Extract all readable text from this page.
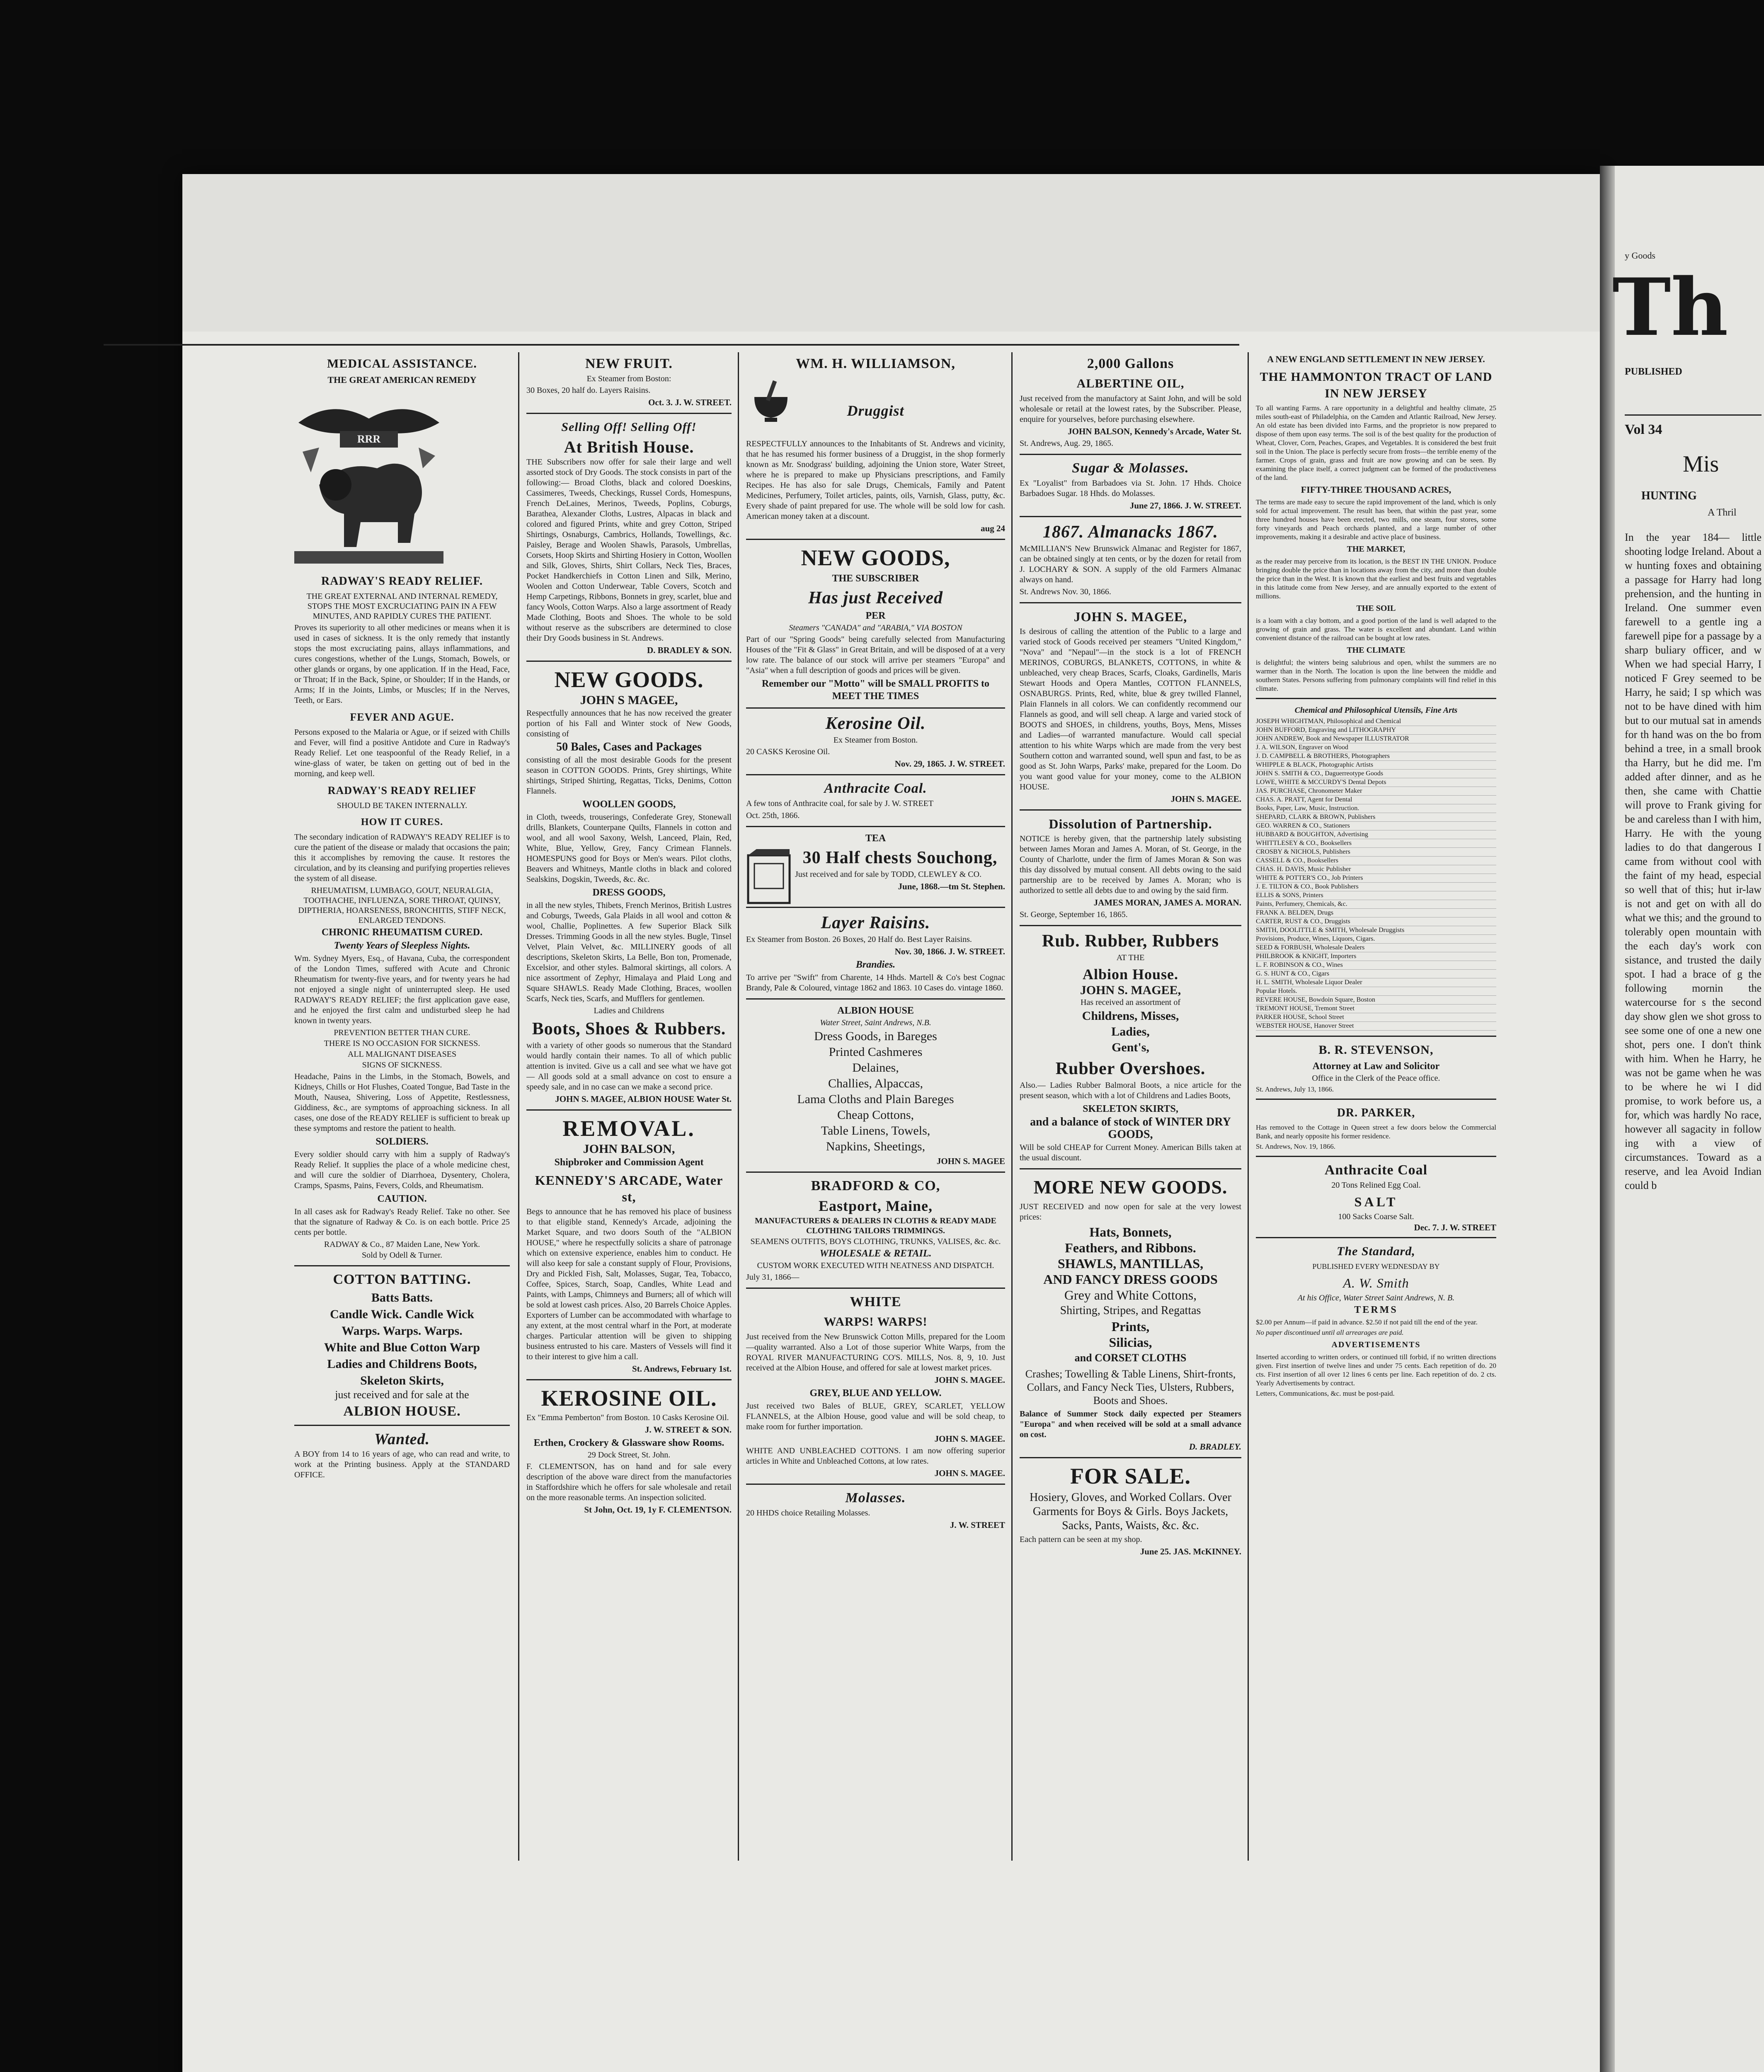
Th
y Goods
PUBLISHED
Vol 34
Mis
HUNTING
A Thril
In the year 184— little shooting lodge Ireland. About a w hunting foxes and obtaining a passage for Harry had long prehension, and the hunting in Ireland. One summer even farewell to a gentle ing a farewell pipe for a passage by a sharp buliary officer, and w When we had special Harry, I noticed F Grey seemed to be Harry, he said; I sp which was not to be have dined with him but to our mutual sat in amends for th hand was on the bo from behind a tree, in a small brook tha Harry, but he did me. I'm added after dinner, and as he then, she came with Chattie will prove to Frank giving for be and careless than I with him, Harry. He with the young ladies to do that dangerous I came from without cool with the faint of my head, especial so well that of this; hut ir-law is not and get on with all do what we this; and the ground to tolerably open mountain with the each day's work con sistance, and trusted the daily spot. I had a brace of g the following mornin the watercourse for s the second day show glen we shot gross to see some one of one a new one shot, pers one. I don't think with him. When he Harry, he was not be game when he was to be where he wi I did promise, to work before us, a for, which was hardly No race, however all sagacity in follow ing with a view of circumstances. Toward as a reserve, and lea Avoid Indian could b
MEDICAL ASSISTANCE.
THE GREAT AMERICAN REMEDY
RRR
RADWAY'S READY RELIEF.
THE GREAT EXTERNAL AND INTERNAL REMEDY, STOPS THE MOST EXCRUCIATING PAIN IN A FEW MINUTES, AND RAPIDLY CURES THE PATIENT.
Proves its superiority to all other medicines or means when it is used in cases of sickness. It is the only remedy that instantly stops the most excruciating pains, allays inflammations, and cures congestions, whether of the Lungs, Stomach, Bowels, or other glands or organs, by one application. If in the Head, Face, or Throat; If in the Back, Spine, or Shoulder; If in the Hands, or Arms; If in the Joints, Limbs, or Muscles; If in the Nerves, Teeth, or Ears.
FEVER AND AGUE.
Persons exposed to the Malaria or Ague, or if seized with Chills and Fever, will find a positive Antidote and Cure in Radway's Ready Relief. Let one teaspoonful of the Ready Relief, in a wine-glass of water, be taken on getting out of bed in the morning, and keep well.
RADWAY'S READY RELIEF
SHOULD BE TAKEN INTERNALLY.
HOW IT CURES.
The secondary indication of RADWAY'S READY RELIEF is to cure the patient of the disease or malady that occasions the pain; this it accomplishes by removing the cause. It restores the circulation, and by its cleansing and purifying properties relieves the system of all disease.
RHEUMATISM, LUMBAGO, GOUT, NEURALGIA, TOOTHACHE, INFLUENZA, SORE THROAT, QUINSY, DIPTHERIA, HOARSENESS, BRONCHITIS, STIFF NECK, ENLARGED TENDONS.
CHRONIC RHEUMATISM CURED.
Twenty Years of Sleepless Nights.
Wm. Sydney Myers, Esq., of Havana, Cuba, the correspondent of the London Times, suffered with Acute and Chronic Rheumatism for twenty-five years, and for twenty years he had not enjoyed a single night of uninterrupted sleep. He used RADWAY'S READY RELIEF; the first application gave ease, and he enjoyed the first calm and undisturbed sleep he had known in twenty years.
PREVENTION BETTER THAN CURE.
THERE IS NO OCCASION FOR SICKNESS.
ALL MALIGNANT DISEASES
SIGNS OF SICKNESS.
Headache, Pains in the Limbs, in the Stomach, Bowels, and Kidneys, Chills or Hot Flushes, Coated Tongue, Bad Taste in the Mouth, Nausea, Shivering, Loss of Appetite, Restlessness, Giddiness, &c., are symptoms of approaching sickness. In all cases, one dose of the READY RELIEF is sufficient to break up these symptoms and restore the patient to health.
SOLDIERS.
Every soldier should carry with him a supply of Radway's Ready Relief. It supplies the place of a whole medicine chest, and will cure the soldier of Diarrhoea, Dysentery, Cholera, Cramps, Spasms, Pains, Fevers, Colds, and Rheumatism.
CAUTION.
In all cases ask for Radway's Ready Relief. Take no other. See that the signature of Radway & Co. is on each bottle. Price 25 cents per bottle.
RADWAY & Co., 87 Maiden Lane, New York.
Sold by Odell & Turner.
COTTON BATTING.
Batts Batts.
Candle Wick. Candle Wick
Warps. Warps. Warps.
White and Blue Cotton Warp
Ladies and Childrens Boots,
Skeleton Skirts,
just received and for sale at the
ALBION HOUSE.
Wanted.
A BOY from 14 to 16 years of age, who can read and write, to work at the Printing business. Apply at the STANDARD OFFICE.
NEW FRUIT.
Ex Steamer from Boston:
30 Boxes, 20 half do. Layers Raisins.
Oct. 3. J. W. STREET.
Selling Off! Selling Off!
At British House.
THE Subscribers now offer for sale their large and well assorted stock of Dry Goods. The stock consists in part of the following:— Broad Cloths, black and colored Doeskins, Cassimeres, Tweeds, Checkings, Russel Cords, Homespuns, French DeLaines, Merinos, Tweeds, Poplins, Coburgs, Barathea, Alexander Cloths, Lustres, Alpacas in black and colored and figured Prints, white and grey Cotton, Striped Shirtings, Osnaburgs, Cambrics, Hollands, Towellings, &c. Paisley, Berage and Woolen Shawls, Parasols, Umbrellas, Corsets, Hoop Skirts and Shirting Hosiery in Cotton, Woollen and Silk, Gloves, Shirts, Shirt Collars, Neck Ties, Braces, Pocket Handkerchiefs in Cotton Linen and Silk, Merino, Woolen and Cotton Underwear, Table Covers, Scotch and Hemp Carpetings, Ribbons, Bonnets in grey, scarlet, blue and fancy Wools, Cotton Warps. Also a large assortment of Ready Made Clothing, Boots and Shoes. The whole to be sold without reserve as the subscribers are determined to close their Dry Goods business in St. Andrews.
D. BRADLEY & SON.
NEW GOODS.
JOHN S MAGEE,
Respectfully announces that he has now received the greater portion of his Fall and Winter stock of New Goods, consisting of
50 Bales, Cases and Packages
consisting of all the most desirable Goods for the present season in COTTON GOODS. Prints, Grey shirtings, White shirtings, Striped Shirting, Regattas, Ticks, Denims, Cotton Flannels.
WOOLLEN GOODS,
in Cloth, tweeds, trouserings, Confederate Grey, Stonewall drills, Blankets, Counterpane Quilts, Flannels in cotton and wool, and all wool Saxony, Welsh, Lanceed, Plain, Red, White, Blue, Yellow, Grey, Fancy Crimean Flannels. HOMESPUNS good for Boys or Men's wears. Pilot cloths, Beavers and Whitneys, Mantle cloths in black and colored Sealskins, Dogskin, Tweeds, &c. &c.
DRESS GOODS,
in all the new styles, Thibets, French Merinos, British Lustres and Coburgs, Tweeds, Gala Plaids in all wool and cotton & wool, Challie, Poplinettes. A few Superior Black Silk Dresses. Trimming Goods in all the new styles. Bugle, Tinsel Velvet, Plain Velvet, &c. MILLINERY goods of all descriptions, Skeleton Skirts, La Belle, Bon ton, Promenade, Excelsior, and other styles. Balmoral skirtings, all colors. A nice assortment of Zephyr, Himalaya and Plaid Long and Square SHAWLS. Ready Made Clothing, Braces, woollen Scarfs, Neck ties, Scarfs, and Mufflers for gentlemen.
Ladies and Childrens
Boots, Shoes & Rubbers.
with a variety of other goods so numerous that the Standard would hardly contain their names. To all of which public attention is invited. Give us a call and see what we have got— All goods sold at a small advance on cost to ensure a speedy sale, and in no case can we make a second price.
JOHN S. MAGEE, ALBION HOUSE Water St.
REMOVAL.
JOHN BALSON,
Shipbroker and Commission Agent
KENNEDY'S ARCADE, Water st,
Begs to announce that he has removed his place of business to that eligible stand, Kennedy's Arcade, adjoining the Market Square, and two doors South of the "ALBION HOUSE," where he respectfully solicits a share of patronage which on extensive experience, enables him to conduct. He will also keep for sale a constant supply of Flour, Provisions, Dry and Pickled Fish, Salt, Molasses, Sugar, Tea, Tobacco, Coffee, Spices, Starch, Soap, Candles, White Lead and Paints, with Lamps, Chimneys and Burners; all of which will be sold at lowest cash prices. Also, 20 Barrels Choice Apples. Exporters of Lumber can be accommodated with wharfage to any extent, at the most central wharf in the Port, at moderate charges. Particular attention will be given to shipping business entrusted to his care. Masters of Vessels will find it to their interest to give him a call.
St. Andrews, February 1st.
KEROSINE OIL.
Ex "Emma Pemberton" from Boston. 10 Casks Kerosine Oil.
J. W. STREET & SON.
Erthen, Crockery & Glassware show Rooms.
29 Dock Street, St. John.
F. CLEMENTSON, has on hand and for sale every description of the above ware direct from the manufactories in Staffordshire which he offers for sale wholesale and retail on the more reasonable terms. An inspection solicited.
St John, Oct. 19, 1y F. CLEMENTSON.
WM. H. WILLIAMSON,
Druggist
RESPECTFULLY announces to the Inhabitants of St. Andrews and vicinity, that he has resumed his former business of a Druggist, in the shop formerly known as Mr. Snodgrass' building, adjoining the Union store, Water Street, where he is prepared to make up Physicians prescriptions, and Family Recipes. He has also for sale Drugs, Chemicals, Family and Patent Medicines, Perfumery, Toilet articles, paints, oils, Varnish, Glass, putty, &c. Every shade of paint prepared for use. The whole will be sold low for cash. American money taken at a discount.
aug 24
NEW GOODS,
THE SUBSCRIBER
Has just Received
PER
Steamers "CANADA" and "ARABIA," VIA BOSTON
Part of our "Spring Goods" being carefully selected from Manufacturing Houses of the "Fit & Glass" in Great Britain, and will be disposed of at a very low rate. The balance of our stock will arrive per steamers "Europa" and "Asia" when a full description of goods and prices will be given.
Remember our "Motto" will be SMALL PROFITS to MEET THE TIMES
Kerosine Oil.
Ex Steamer from Boston.
20 CASKS Kerosine Oil.
Nov. 29, 1865. J. W. STREET.
Anthracite Coal.
A few tons of Anthracite coal, for sale by J. W. STREET
Oct. 25th, 1866.
TEA
30 Half chests Souchong,
Just received and for sale by TODD, CLEWLEY & CO.
June, 1868.—tm St. Stephen.
Layer Raisins.
Ex Steamer from Boston. 26 Boxes, 20 Half do. Best Layer Raisins.
Nov. 30, 1866. J. W. STREET.
Brandies.
To arrive per "Swift" from Charente, 14 Hhds. Martell & Co's best Cognac Brandy, Pale & Coloured, vintage 1862 and 1863. 10 Cases do. vintage 1860.
ALBION HOUSE
Water Street, Saint Andrews, N.B.
Dress Goods, in Bareges
Printed Cashmeres
Delaines,
Challies, Alpaccas,
Lama Cloths and Plain Bareges
Cheap Cottons,
Table Linens, Towels,
Napkins, Sheetings,
JOHN S. MAGEE
BRADFORD & CO,
Eastport, Maine,
MANUFACTURERS & DEALERS IN CLOTHS & READY MADE CLOTHING TAILORS TRIMMINGS.
SEAMENS OUTFITS, BOYS CLOTHING, TRUNKS, VALISES, &c. &c.
WHOLESALE & RETAIL.
CUSTOM WORK EXECUTED WITH NEATNESS AND DISPATCH.
July 31, 1866—
WHITE
WARPS! WARPS!
Just received from the New Brunswick Cotton Mills, prepared for the Loom—quality warranted. Also a Lot of those superior White Warps, from the ROYAL RIVER MANUFACTURING CO'S. MILLS, Nos. 8, 9, 10. Just received at the Albion House, and offered for sale at lowest market prices.
JOHN S. MAGEE.
GREY, BLUE AND YELLOW.
Just received two Bales of BLUE, GREY, SCARLET, YELLOW FLANNELS, at the Albion House, good value and will be sold cheap, to make room for further importation.
JOHN S. MAGEE.
WHITE AND UNBLEACHED COTTONS. I am now offering superior articles in White and Unbleached Cottons, at low rates.
JOHN S. MAGEE.
Molasses.
20 HHDS choice Retailing Molasses.
J. W. STREET
2,000 Gallons
ALBERTINE OIL,
Just received from the manufactory at Saint John, and will be sold wholesale or retail at the lowest rates, by the Subscriber. Please, enquire for yourselves, before purchasing elsewhere.
JOHN BALSON, Kennedy's Arcade, Water St.
St. Andrews, Aug. 29, 1865.
Sugar & Molasses.
Ex "Loyalist" from Barbadoes via St. John. 17 Hhds. Choice Barbadoes Sugar. 18 Hhds. do Molasses.
June 27, 1866. J. W. STREET.
1867. Almanacks 1867.
McMILLIAN'S New Brunswick Almanac and Register for 1867, can be obtained singly at ten cents, or by the dozen for retail from J. LOCHARY & SON. A supply of the old Farmers Almanac always on hand.
St. Andrews Nov. 30, 1866.
JOHN S. MAGEE,
Is desirous of calling the attention of the Public to a large and varied stock of Goods received per steamers "United Kingdom," "Nova" and "Nepaul"—in the stock is a lot of FRENCH MERINOS, COBURGS, BLANKETS, COTTONS, in white & unbleached, very cheap Braces, Scarfs, Cloaks, Gardinells, Maris Stewart Hoods and Opera Mantles, COTTON FLANNELS, OSNABURGS. Prints, Red, white, blue & grey twilled Flannel, Plain Flannels in all colors. We can confidently recommend our Flannels as good, and will sell cheap. A large and varied stock of BOOTS and SHOES, in childrens, youths, Boys, Mens, Misses and Ladies—of warranted manufacture. Would call special attention to his white Warps which are made from the very best Southern cotton and warranted sound, well spun and fast, to be as good as St. John Warps, Parks' make, prepared for the Loom. Do you want good value for your money, come to the ALBION HOUSE.
JOHN S. MAGEE.
Dissolution of Partnership.
NOTICE is hereby given, that the partnership lately subsisting between James Moran and James A. Moran, of St. George, in the County of Charlotte, under the firm of James Moran & Son was this day dissolved by mutual consent. All debts owing to the said partnership are to be received by James A. Moran; who is authorized to settle all debts due to and owing by the said firm.
JAMES MORAN, JAMES A. MORAN.
St. George, September 16, 1865.
Rub. Rubber, Rubbers
AT THE
Albion House.
JOHN S. MAGEE,
Has received an assortment of
Childrens, Misses,
Ladies,
Gent's,
Rubber Overshoes.
Also.— Ladies Rubber Balmoral Boots, a nice article for the present season, which with a lot of Childrens and Ladies Boots,
SKELETON SKIRTS,
and a balance of stock of WINTER DRY GOODS,
Will be sold CHEAP for Current Money. American Bills taken at the usual discount.
MORE NEW GOODS.
JUST RECEIVED and now open for sale at the very lowest prices:
Hats, Bonnets,
Feathers, and Ribbons.
SHAWLS, MANTILLAS,
AND FANCY DRESS GOODS
Grey and White Cottons,
Shirting, Stripes, and Regattas
Prints,
Silicias,
and CORSET CLOTHS
Crashes; Towelling & Table Linens, Shirt-fronts, Collars, and Fancy Neck Ties, Ulsters, Rubbers, Boots and Shoes.
Balance of Summer Stock daily expected per Steamers "Europa" and when received will be sold at a small advance on cost.
D. BRADLEY.
FOR SALE.
Hosiery, Gloves, and Worked Collars. Over Garments for Boys & Girls. Boys Jackets, Sacks, Pants, Waists, &c. &c.
Each pattern can be seen at my shop.
June 25. JAS. McKINNEY.
A NEW ENGLAND SETTLEMENT IN NEW JERSEY.
THE HAMMONTON TRACT OF LAND IN NEW JERSEY
To all wanting Farms. A rare opportunity in a delightful and healthy climate, 25 miles south-east of Philadelphia, on the Camden and Atlantic Railroad, New Jersey. An old estate has been divided into Farms, and the proprietor is now prepared to dispose of them upon easy terms. The soil is of the best quality for the production of Wheat, Clover, Corn, Peaches, Grapes, and Vegetables. It is considered the best fruit soil in the Union. The place is perfectly secure from frosts—the terrible enemy of the farmer. Crops of grain, grass and fruit are now growing and can be seen. By examining the place itself, a correct judgment can be formed of the productiveness of the land.
FIFTY-THREE THOUSAND ACRES,
The terms are made easy to secure the rapid improvement of the land, which is only sold for actual improvement. The result has been, that within the past year, some three hundred houses have been erected, two mills, one steam, four stores, some forty vineyards and Peach orchards planted, and a large number of other improvements, making it a desirable and active place of business.
THE MARKET,
as the reader may perceive from its location, is the BEST IN THE UNION. Produce bringing double the price than in locations away from the city, and more than double the price than in the West. It is known that the earliest and best fruits and vegetables in this latitude come from New Jersey, and are annually exported to the extent of millions.
THE SOIL
is a loam with a clay bottom, and a good portion of the land is well adapted to the growing of grain and grass. The water is excellent and abundant. Land within convenient distance of the railroad can be bought at low rates.
THE CLIMATE
is delightful; the winters being salubrious and open, whilst the summers are no warmer than in the North. The location is upon the line between the middle and southern States. Persons suffering from pulmonary complaints will find relief in this climate.
Chemical and Philosophical Utensils, Fine Arts
JOSEPH WHIGHTMAN, Philosophical and Chemical
JOHN BUFFORD, Engraving and LITHOGRAPHY
JOHN ANDREW, Book and Newspaper ILLUSTRATOR
J. A. WILSON, Engraver on Wood
J. D. CAMPBELL & BROTHERS, Photographers
WHIPPLE & BLACK, Photographic Artists
JOHN S. SMITH & CO., Daguerreotype Goods
LOWE, WHITE & MCCURDY'S Dental Depots
JAS. PURCHASE, Chronometer Maker
CHAS. A. PRATT, Agent for Dental
Books, Paper, Law, Music, Instruction.
SHEPARD, CLARK & BROWN, Publishers
GEO. WARREN & CO., Stationers
HUBBARD & BOUGHTON, Advertising
WHITTLESEY & CO., Booksellers
CROSBY & NICHOLS, Publishers
CASSELL & CO., Booksellers
CHAS. H. DAVIS, Music Publisher
WHITE & POTTER'S CO., Job Printers
J. E. TILTON & CO., Book Publishers
ELLIS & SONS, Printers
Paints, Perfumery, Chemicals, &c.
FRANK A. BELDEN, Drugs
CARTER, RUST & CO., Druggists
SMITH, DOOLITTLE & SMITH, Wholesale Druggists
Provisions, Produce, Wines, Liquors, Cigars.
SEED & FORBUSH, Wholesale Dealers
PHILBROOK & KNIGHT, Importers
L. F. ROBINSON & CO., Wines
G. S. HUNT & CO., Cigars
H. L. SMITH, Wholesale Liquor Dealer
Popular Hotels.
REVERE HOUSE, Bowdoin Square, Boston
TREMONT HOUSE, Tremont Street
PARKER HOUSE, School Street
WEBSTER HOUSE, Hanover Street
B. R. STEVENSON,
Attorney at Law and Solicitor
Office in the Clerk of the Peace office.
St. Andrews, July 13, 1866.
DR. PARKER,
Has removed to the Cottage in Queen street a few doors below the Commercial Bank, and nearly opposite his former residence.
St. Andrews, Nov. 19, 1866.
Anthracite Coal
20 Tons Relined Egg Coal.
SALT
100 Sacks Coarse Salt.
Dec. 7. J. W. STREET
The Standard,
PUBLISHED EVERY WEDNESDAY BY
A. W. Smith
At his Office, Water Street Saint Andrews, N. B.
TERMS
$2.00 per Annum—if paid in advance. $2.50 if not paid till the end of the year.
No paper discontinued until all arrearages are paid.
ADVERTISEMENTS
Inserted according to written orders, or continued till forbid, if no written directions given. First insertion of twelve lines and under 75 cents. Each repetition of do. 20 cts. First insertion of all over 12 lines 6 cents per line. Each repetition of do. 2 cts. Yearly Advertisements by contract.
Letters, Communications, &c. must be post-paid.
